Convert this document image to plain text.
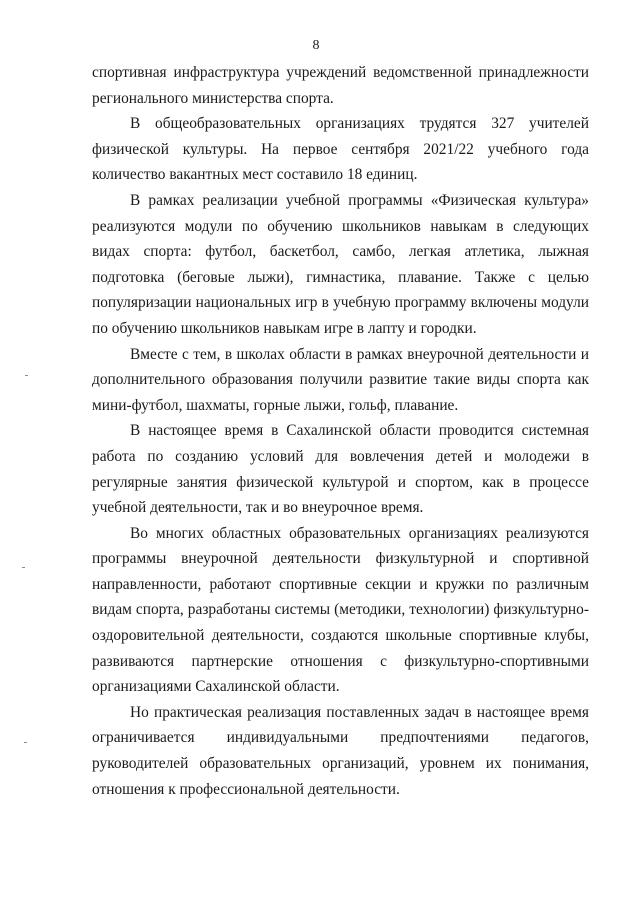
8

спортивная инфраструктура учреждений ведомственной принадлежности регионального министерства спорта.

В общеобразовательных организациях трудятся 327 учителей физической культуры. На первое сентября 2021/22 учебного года количество вакантных мест составило 18 единиц.

В рамках реализации учебной программы «Физическая культура» реализуются модули по обучению школьников навыкам в следующих видах спорта: футбол, баскетбол, самбо, легкая атлетика, лыжная подготовка (беговые лыжи), гимнастика, плавание. Также с целью популяризации национальных игр в учебную программу включены модули по обучению школьников навыкам игре в лапту и городки.

Вместе с тем, в школах области в рамках внеурочной деятельности и дополнительного образования получили развитие такие виды спорта как мини-футбол, шахматы, горные лыжи, гольф, плавание.

В настоящее время в Сахалинской области проводится системная работа по созданию условий для вовлечения детей и молодежи в регулярные занятия физической культурой и спортом, как в процессе учебной деятельности, так и во внеурочное время.

Во многих областных образовательных организациях реализуются программы внеурочной деятельности физкультурной и спортивной направленности, работают спортивные секции и кружки по различным видам спорта, разработаны системы (методики, технологии) физкультурно-оздоровительной деятельности, создаются школьные спортивные клубы, развиваются партнерские отношения с физкультурно-спортивными организациями Сахалинской области.

Но практическая реализация поставленных задач в настоящее время ограничивается индивидуальными предпочтениями педагогов, руководителей образовательных организаций, уровнем их понимания, отношения к профессиональной деятельности.
